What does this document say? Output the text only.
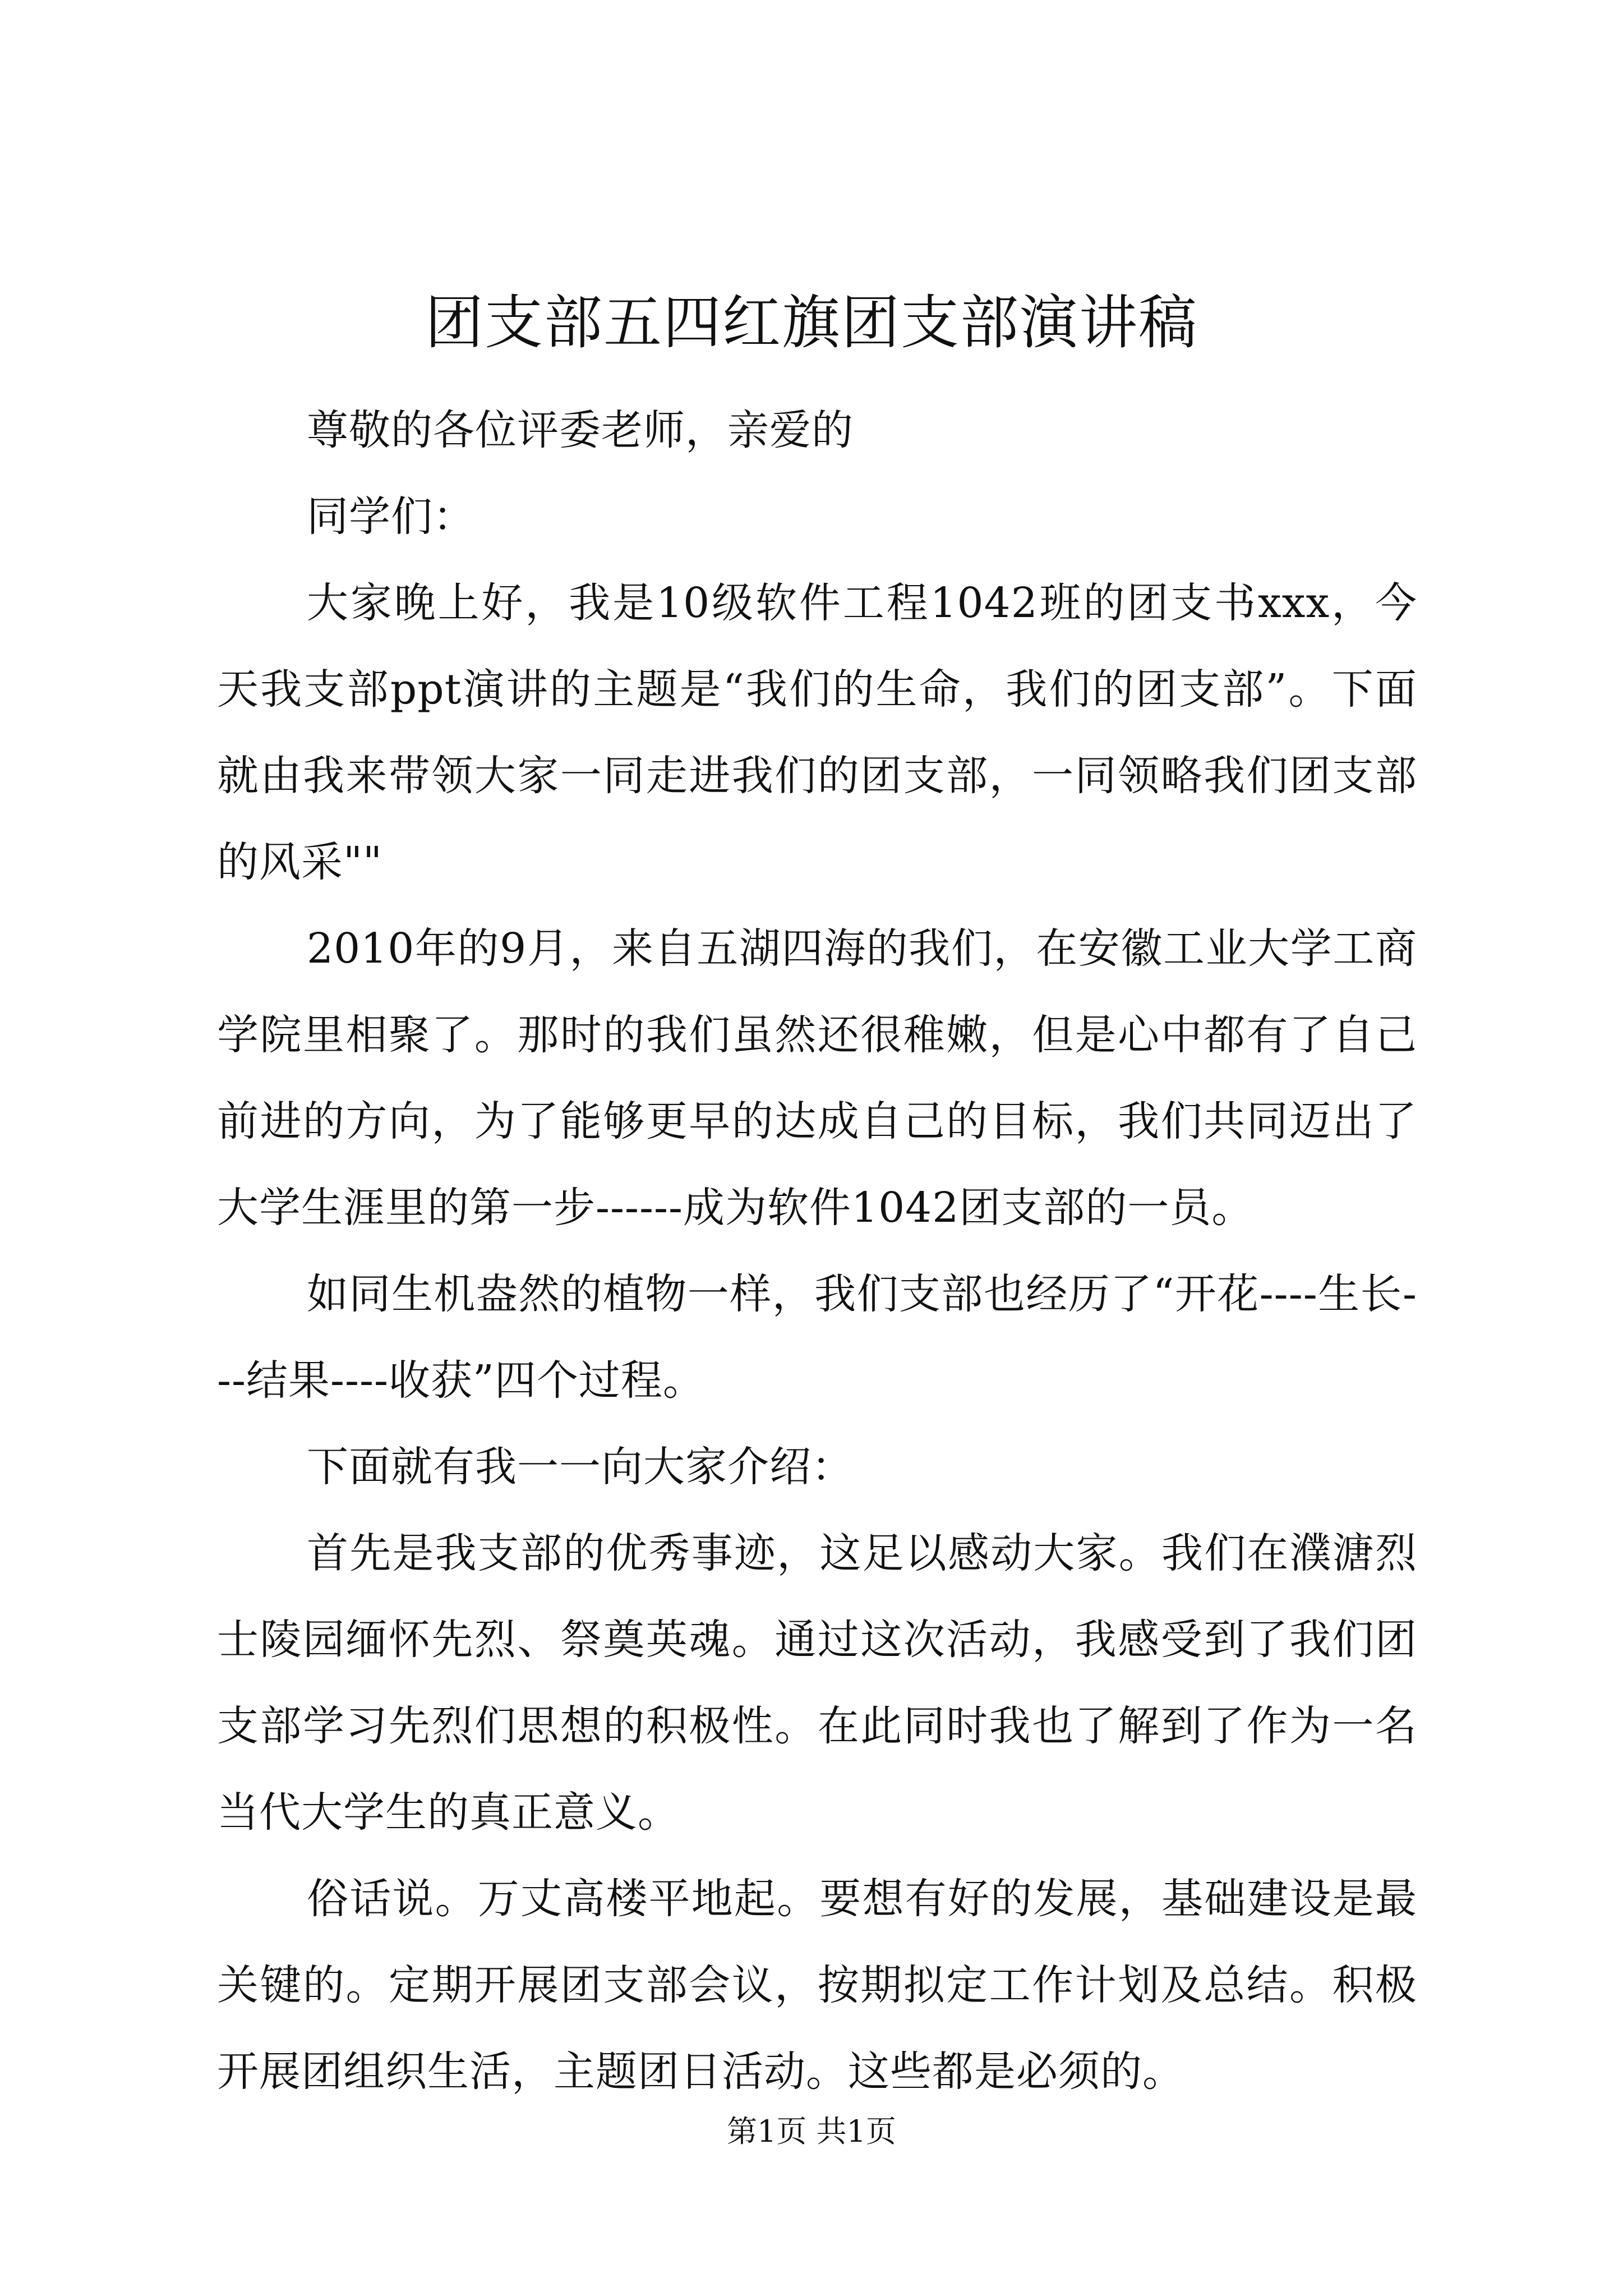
团支部五四红旗团支部演讲稿

尊敬的各位评委老师，亲爱的

同学们：

大家晚上好，我是10级软件工程1042班的团支书xxx，今天我支部ppt演讲的主题是“我们的生命，我们的团支部”。下面就由我来带领大家一同走进我们的团支部，一同领略我们团支部的风采""

2010年的9月，来自五湖四海的我们，在安徽工业大学工商学院里相聚了。那时的我们虽然还很稚嫩，但是心中都有了自己前进的方向，为了能够更早的达成自己的目标，我们共同迈出了大学生涯里的第一步------成为软件1042团支部的一员。

如同生机盎然的植物一样，我们支部也经历了“开花----生长---结果----收获”四个过程。

下面就有我一一向大家介绍：

首先是我支部的优秀事迹，这足以感动大家。我们在濮溏烈士陵园缅怀先烈、祭奠英魂。通过这次活动，我感受到了我们团支部学习先烈们思想的积极性。在此同时我也了解到了作为一名当代大学生的真正意义。

俗话说。万丈高楼平地起。要想有好的发展，基础建设是最关键的。定期开展团支部会议，按期拟定工作计划及总结。积极开展团组织生活，主题团日活动。这些都是必须的。

第1页 共1页
